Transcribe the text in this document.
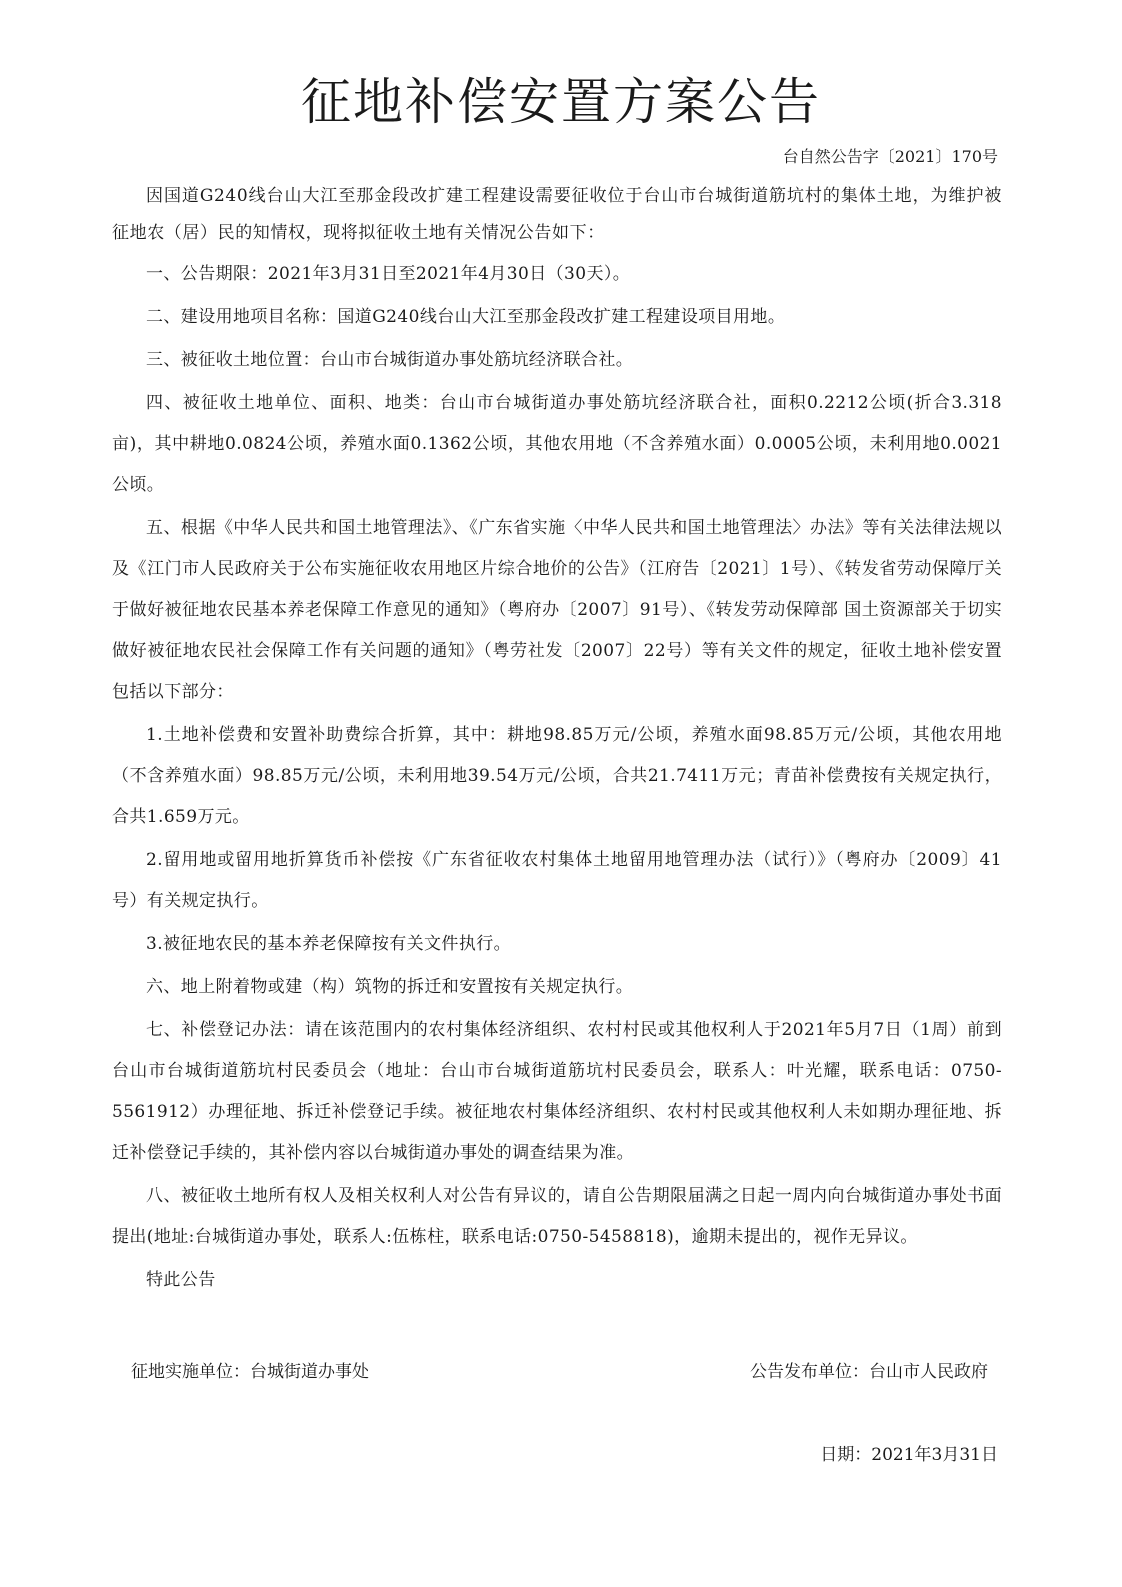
征地补偿安置方案公告
台自然公告字〔2021〕170号

因国道G240线台山大江至那金段改扩建工程建设需要征收位于台山市台城街道筋坑村的集体土地，为维护被征地农（居）民的知情权，现将拟征收土地有关情况公告如下：

一、公告期限：2021年3月31日至2021年4月30日（30天）。

二、建设用地项目名称：国道G240线台山大江至那金段改扩建工程建设项目用地。

三、被征收土地位置：台山市台城街道办事处筋坑经济联合社。

四、被征收土地单位、面积、地类：台山市台城街道办事处筋坑经济联合社，面积0.2212公顷(折合3.318亩)，其中耕地0.0824公顷，养殖水面0.1362公顷，其他农用地（不含养殖水面）0.0005公顷，未利用地0.0021公顷。

五、根据《中华人民共和国土地管理法》、《广东省实施〈中华人民共和国土地管理法〉办法》等有关法律法规以及《江门市人民政府关于公布实施征收农用地区片综合地价的公告》（江府告〔2021〕1号）、《转发省劳动保障厅关于做好被征地农民基本养老保障工作意见的通知》（粤府办〔2007〕91号）、《转发劳动保障部 国土资源部关于切实做好被征地农民社会保障工作有关问题的通知》（粤劳社发〔2007〕22号）等有关文件的规定，征收土地补偿安置包括以下部分：

1.土地补偿费和安置补助费综合折算，其中：耕地98.85万元/公顷，养殖水面98.85万元/公顷，其他农用地（不含养殖水面）98.85万元/公顷，未利用地39.54万元/公顷，合共21.7411万元；青苗补偿费按有关规定执行，合共1.659万元。

2.留用地或留用地折算货币补偿按《广东省征收农村集体土地留用地管理办法（试行）》（粤府办〔2009〕41号）有关规定执行。

3.被征地农民的基本养老保障按有关文件执行。

六、地上附着物或建（构）筑物的拆迁和安置按有关规定执行。

七、补偿登记办法：请在该范围内的农村集体经济组织、农村村民或其他权利人于2021年5月7日（1周）前到台山市台城街道筋坑村民委员会（地址：台山市台城街道筋坑村民委员会，联系人：叶光耀，联系电话：0750-5561912）办理征地、拆迁补偿登记手续。被征地农村集体经济组织、农村村民或其他权利人未如期办理征地、拆迁补偿登记手续的，其补偿内容以台城街道办事处的调查结果为准。

八、被征收土地所有权人及相关权利人对公告有异议的，请自公告期限届满之日起一周内向台城街道办事处书面提出(地址:台城街道办事处，联系人:伍栋柱，联系电话:0750-5458818)，逾期未提出的，视作无异议。

特此公告

征地实施单位：台城街道办事处	公告发布单位：台山市人民政府
日期：2021年3月31日
